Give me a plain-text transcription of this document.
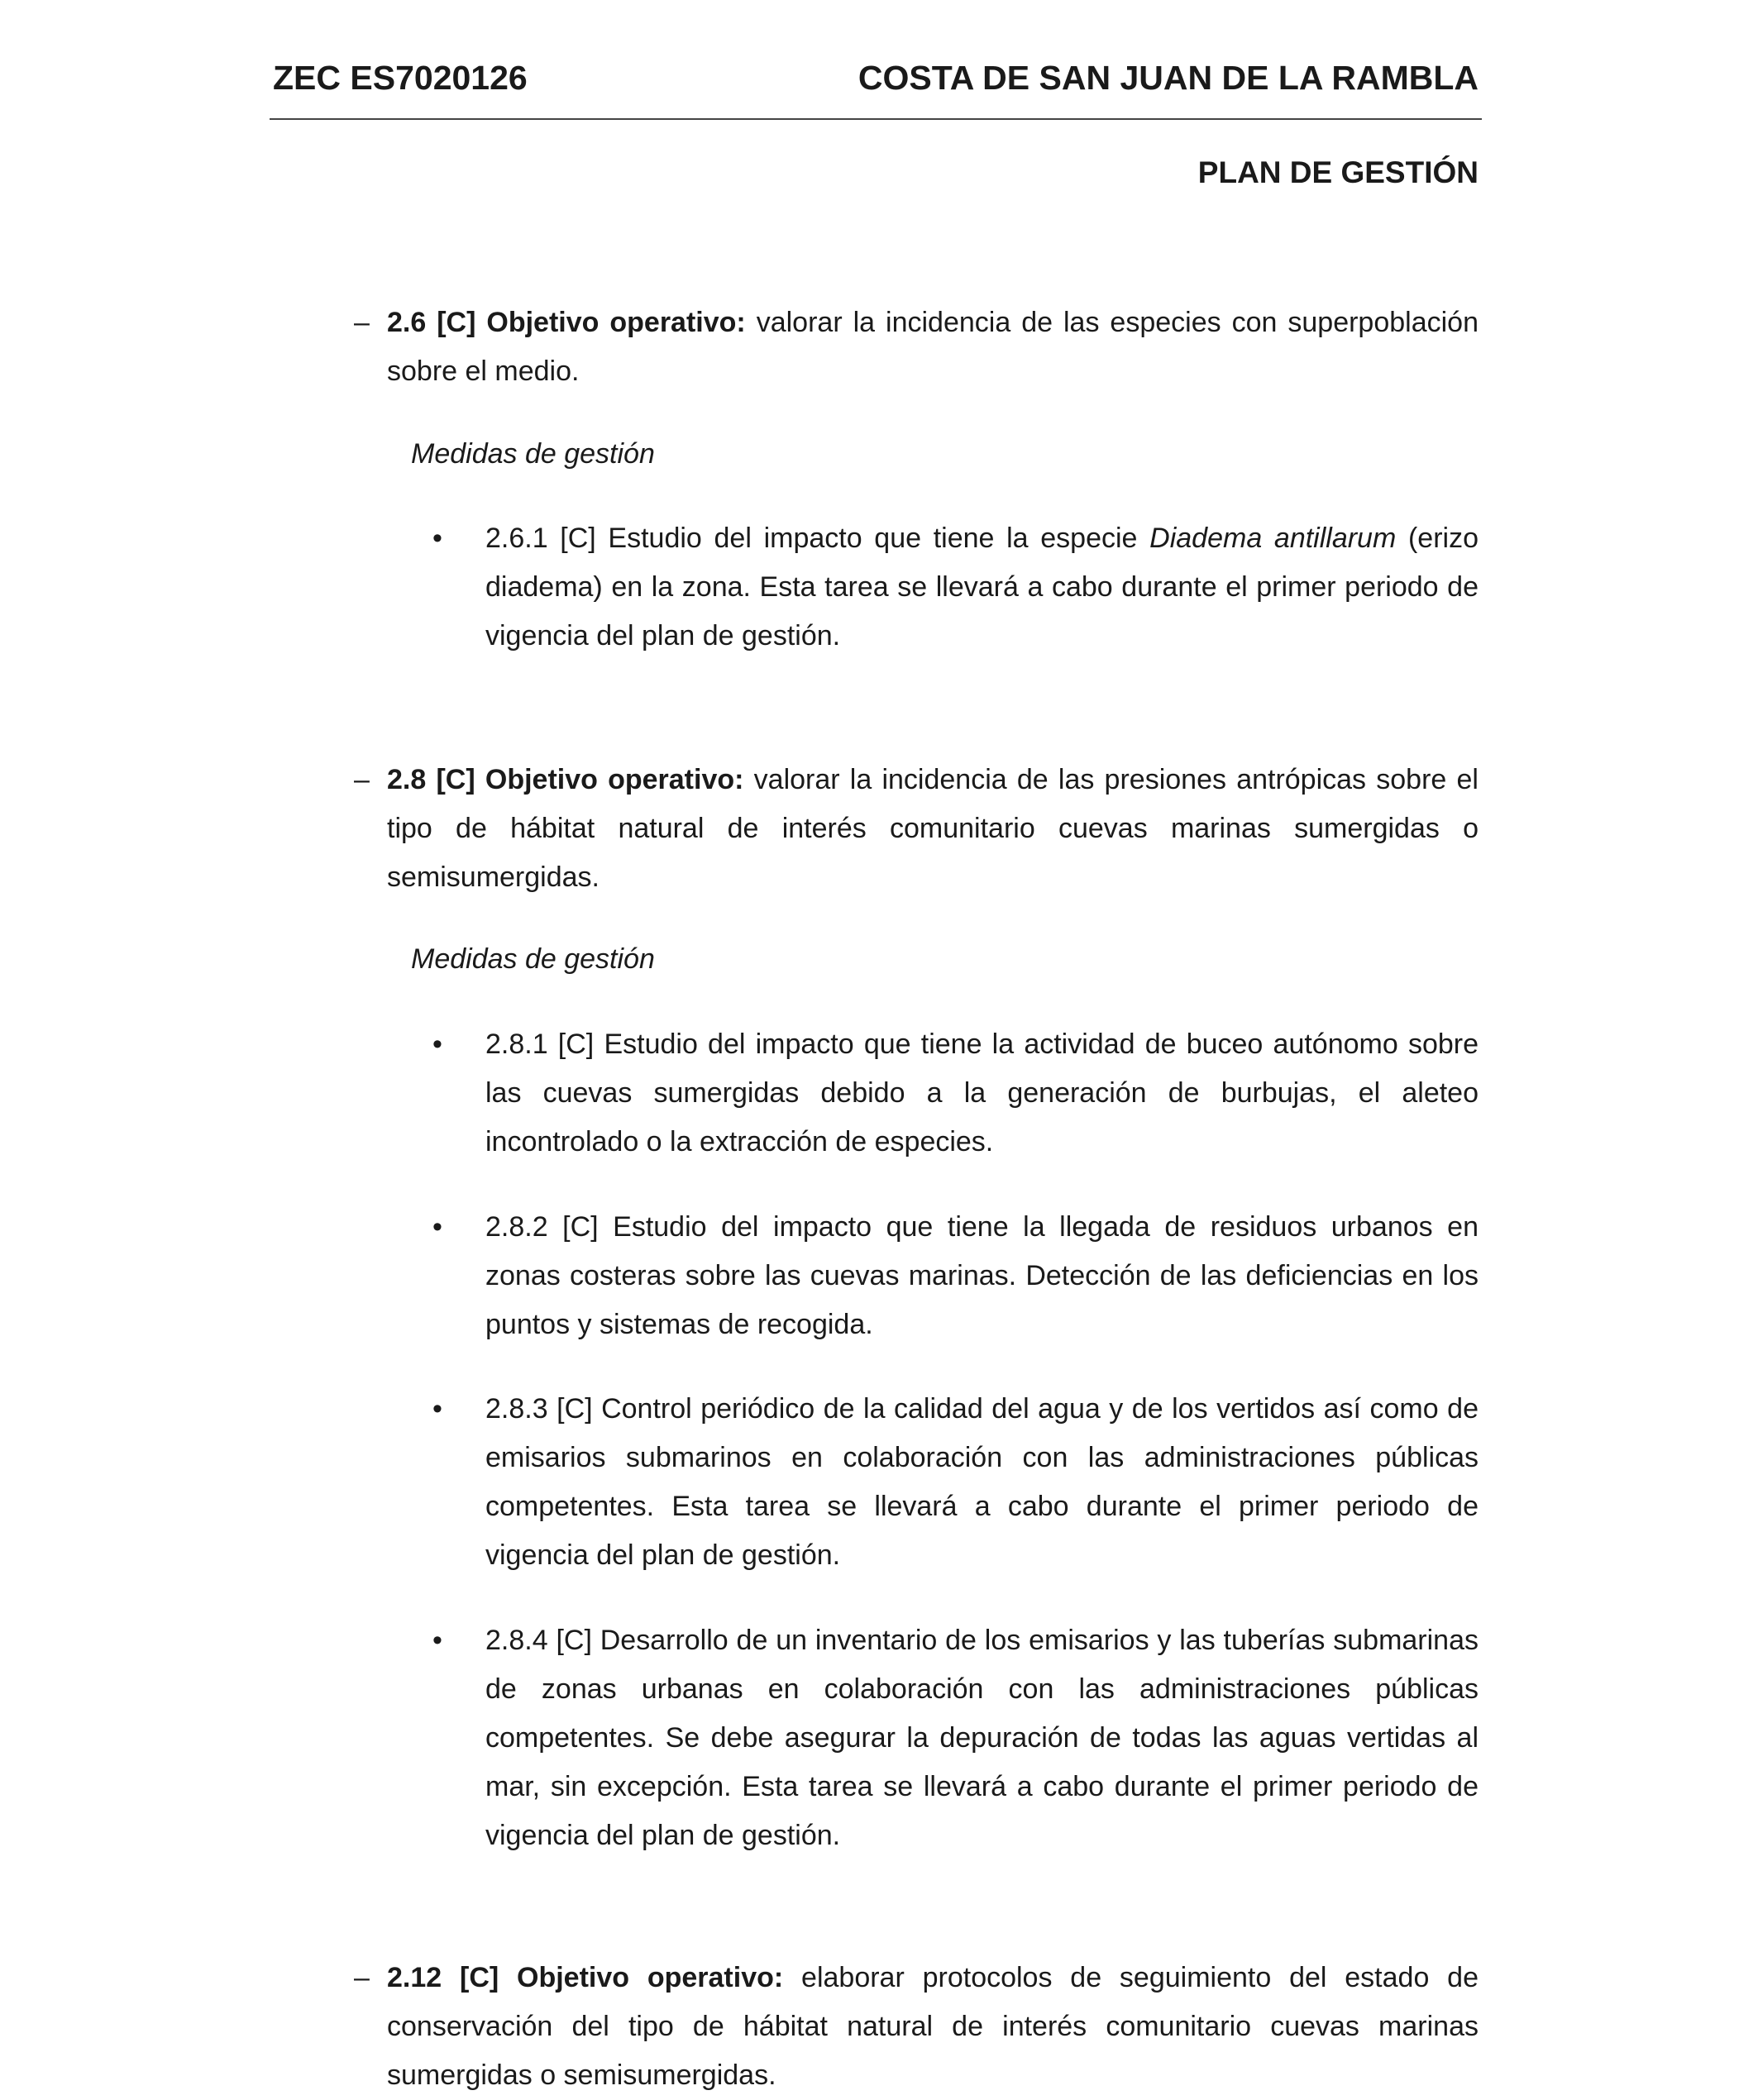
ZEC ES7020126	COSTA DE SAN JUAN DE LA RAMBLA
PLAN DE GESTIÓN
– 2.6 [C] Objetivo operativo: valorar la incidencia de las especies con superpoblación sobre el medio.
Medidas de gestión
• 2.6.1 [C] Estudio del impacto que tiene la especie Diadema antillarum (erizo diadema) en la zona. Esta tarea se llevará a cabo durante el primer periodo de vigencia del plan de gestión.
– 2.8 [C] Objetivo operativo: valorar la incidencia de las presiones antrópicas sobre el tipo de hábitat natural de interés comunitario cuevas marinas sumergidas o semisumergidas.
Medidas de gestión
• 2.8.1 [C] Estudio del impacto que tiene la actividad de buceo autónomo sobre las cuevas sumergidas debido a la generación de burbujas, el aleteo incontrolado o la extracción de especies.
• 2.8.2 [C] Estudio del impacto que tiene la llegada de residuos urbanos en zonas costeras sobre las cuevas marinas. Detección de las deficiencias en los puntos y sistemas de recogida.
• 2.8.3 [C] Control periódico de la calidad del agua y de los vertidos así como de emisarios submarinos en colaboración con las administraciones públicas competentes. Esta tarea se llevará a cabo durante el primer periodo de vigencia del plan de gestión.
• 2.8.4 [C] Desarrollo de un inventario de los emisarios y las tuberías submarinas de zonas urbanas en colaboración con las administraciones públicas competentes. Se debe asegurar la depuración de todas las aguas vertidas al mar, sin excepción. Esta tarea se llevará a cabo durante el primer periodo de vigencia del plan de gestión.
– 2.12 [C] Objetivo operativo: elaborar protocolos de seguimiento del estado de conservación del tipo de hábitat natural de interés comunitario cuevas marinas sumergidas o semisumergidas.
